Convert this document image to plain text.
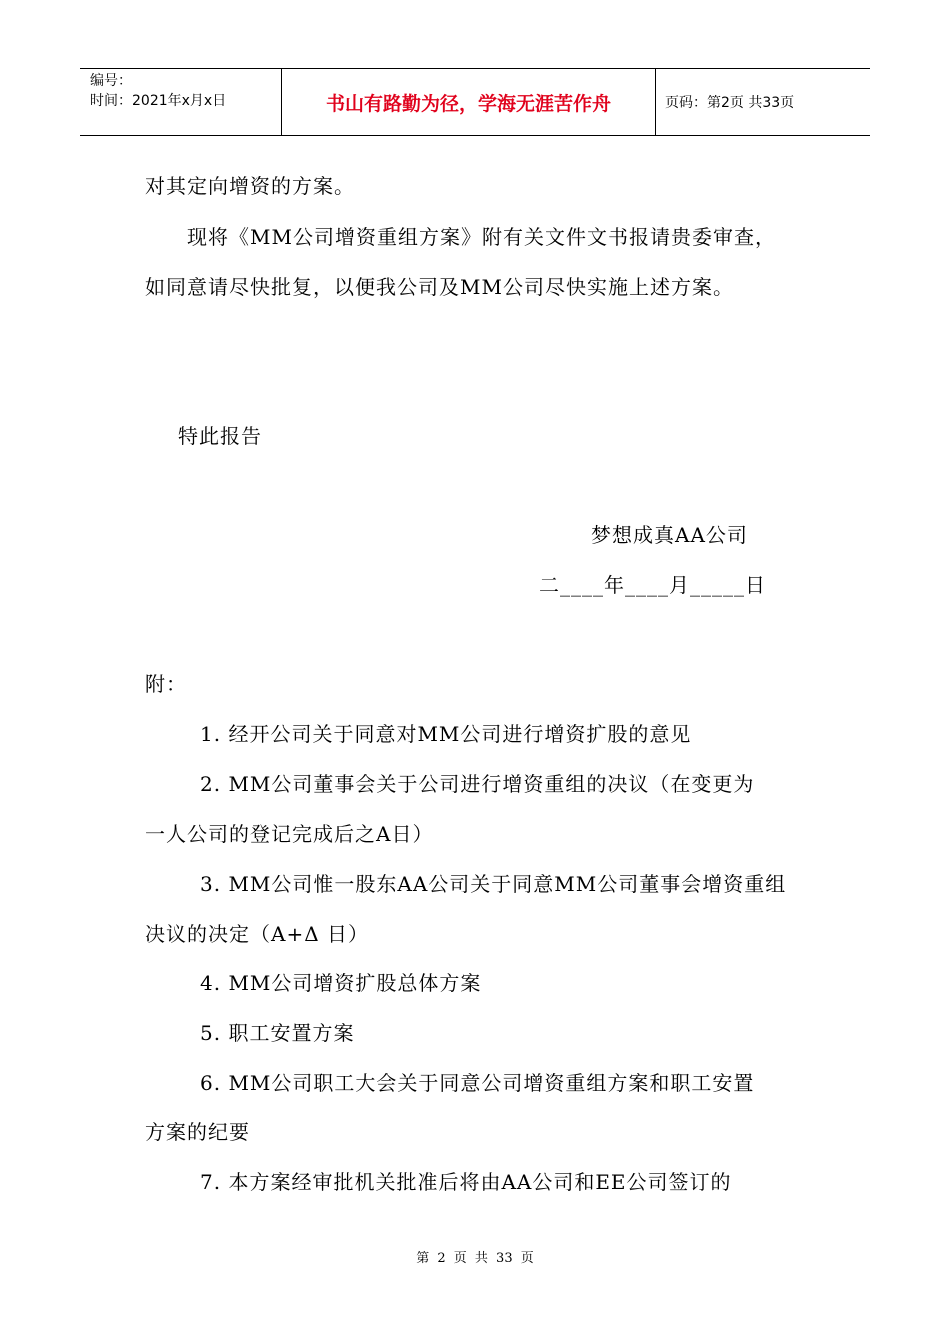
编号：
时间：2021年x月x日	书山有路勤为径，学海无涯苦作舟	页码：第2页 共33页
对其定向增资的方案。
现将《MM公司增资重组方案》附有关文件文书报请贵委审查，
如同意请尽快批复，以便我公司及MM公司尽快实施上述方案。
特此报告
梦想成真AA公司
二____年____月_____日
附：
1. 经开公司关于同意对MM公司进行增资扩股的意见
2. MM公司董事会关于公司进行增资重组的决议（在变更为
一人公司的登记完成后之A日）
3. MM公司惟一股东AA公司关于同意MM公司董事会增资重组
决议的决定（A+Δ 日）
4. MM公司增资扩股总体方案
5. 职工安置方案
6. MM公司职工大会关于同意公司增资重组方案和职工安置
方案的纪要
7. 本方案经审批机关批准后将由AA公司和EE公司签订的
第 2 页 共 33 页
